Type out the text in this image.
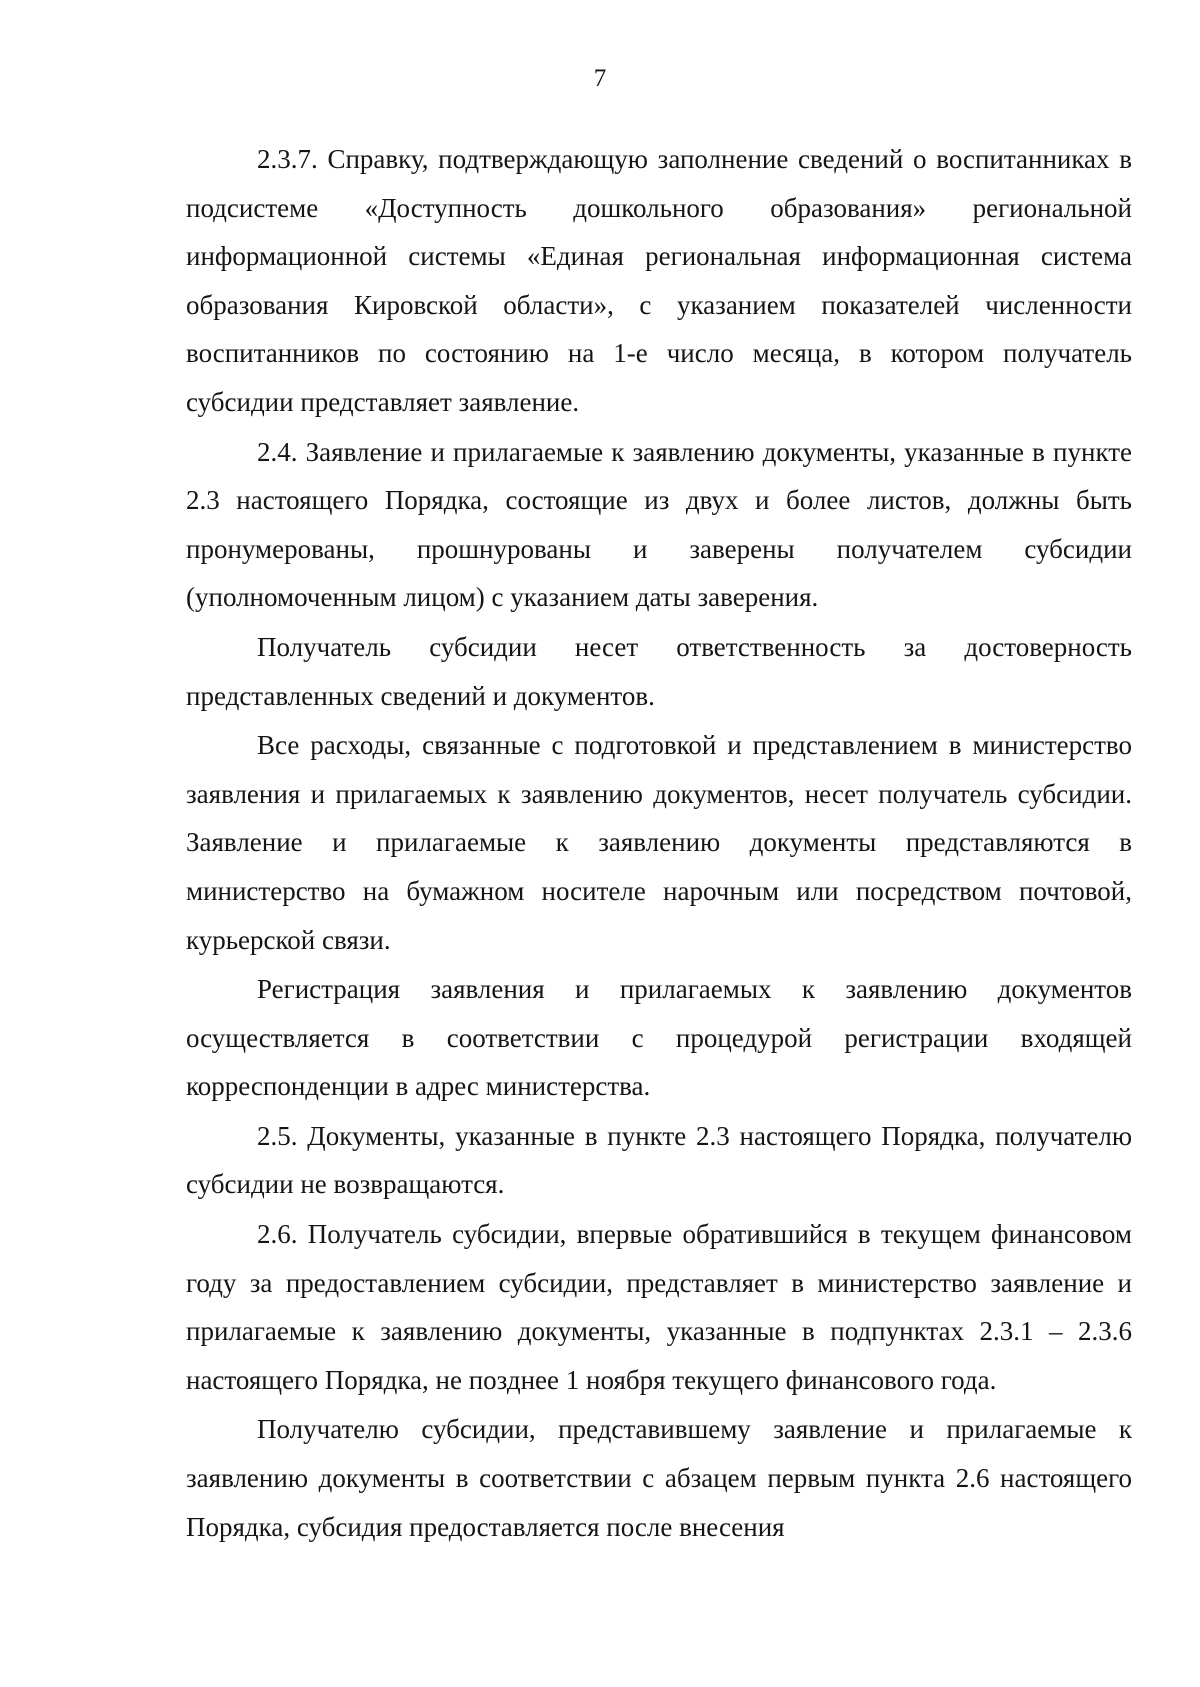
7

2.3.7. Справку, подтверждающую заполнение сведений о воспитанниках в подсистеме «Доступность дошкольного образования» региональной информационной системы «Единая региональная информационная система образования Кировской области», с указанием показателей численности воспитанников по состоянию на 1-е число месяца, в котором получатель субсидии представляет заявление.

2.4. Заявление и прилагаемые к заявлению документы, указанные в пункте 2.3 настоящего Порядка, состоящие из двух и более листов, должны быть пронумерованы, прошнурованы и заверены получателем субсидии (уполномоченным лицом) с указанием даты заверения.

Получатель субсидии несет ответственность за достоверность представленных сведений и документов.

Все расходы, связанные с подготовкой и представлением в министерство заявления и прилагаемых к заявлению документов, несет получатель субсидии. Заявление и прилагаемые к заявлению документы представляются в министерство на бумажном носителе нарочным или посредством почтовой, курьерской связи.

Регистрация заявления и прилагаемых к заявлению документов осуществляется в соответствии с процедурой регистрации входящей корреспонденции в адрес министерства.

2.5. Документы, указанные в пункте 2.3 настоящего Порядка, получателю субсидии не возвращаются.

2.6. Получатель субсидии, впервые обратившийся в текущем финансовом году за предоставлением субсидии, представляет в министерство заявление и прилагаемые к заявлению документы, указанные в подпунктах 2.3.1 – 2.3.6 настоящего Порядка, не позднее 1 ноября текущего финансового года.

Получателю субсидии, представившему заявление и прилагаемые к заявлению документы в соответствии с абзацем первым пункта 2.6 настоящего Порядка, субсидия предоставляется после внесения
